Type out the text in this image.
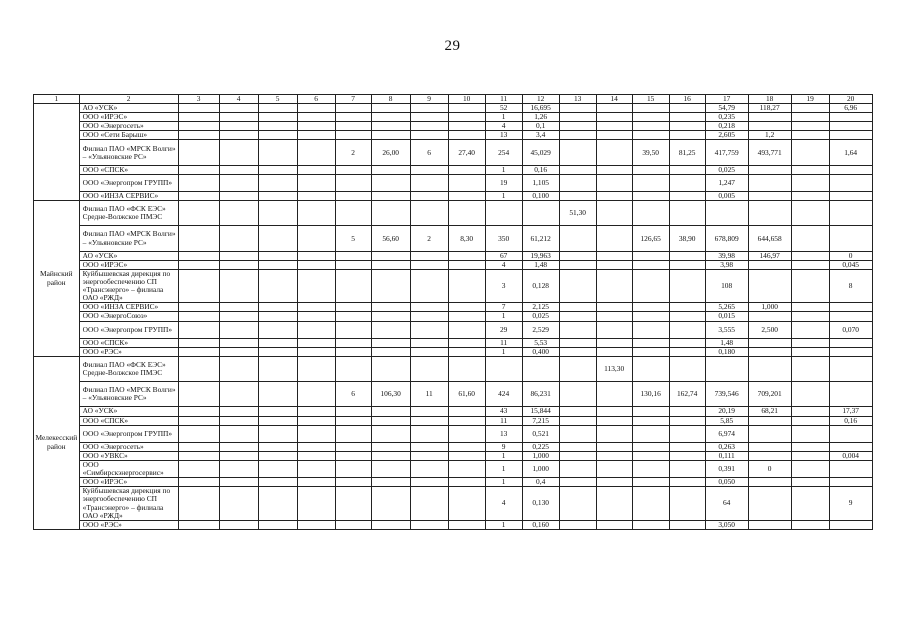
29
1	2	3	4	5	6	7	8	9	10	11	12	13	14	15	16	17	18	19	20
	АО «УСК»									52	16,695					54,79	118,27		6,96
	ООО «ИРЭС»									1	1,26					0,235			
	ООО «Энергосеть»									4	0,1					0,218			
	ООО «Сети Барыш»									13	3,4					2,605	1,2		
	Филиал ПАО «МРСК Волги» – «Ульяновские РС»					2	26,00	6	27,40	254	45,029			39,50	81,25	417,759	493,771		1,64
	ООО «СПСК»									1	0,16					0,025			
	ООО «Энергопром ГРУПП»									19	1,105					1,247			
	ООО «ИНЗА СЕРВИС»									1	0,100					0,005			
Майнский район	Филиал ПАО «ФСК ЕЭС» Средне-Волжское ПМЭС											51,30							
	Филиал ПАО «МРСК Волги» – «Ульяновские РС»					5	56,60	2	8,30	350	61,212			126,65	38,90	678,809	644,658		
	АО «УСК»									67	19,963					39,98	146,97		0
	ООО «ИРЭС»									4	1,48					3,98			0,045
	Куйбышевская дирекция по энергообеспечению СП «Трансэнерго» – филиала ОАО «РЖД»									3	0,128					108			8
	ООО «ИНЗА СЕРВИС»									7	2,125					5,265	1,000		
	ООО «ЭнергоСоюз»									1	0,025					0,015			
	ООО «Энергопром ГРУПП»									29	2,529					3,555	2,500		0,070
	ООО «СПСК»									11	5,53					1,48			
	ООО «РЭС»									1	0,400					0,180			
Мелекесский район	Филиал ПАО «ФСК ЕЭС» Средне-Волжское ПМЭС												113,30						
	Филиал ПАО «МРСК Волги» – «Ульяновские РС»					6	106,30	11	61,60	424	86,231			130,16	162,74	739,546	709,201		
	АО «УСК»									43	15,844					20,19	68,21		17,37
	ООО «СПСК»									11	7,215					5,85			0,16
	ООО «Энергопром ГРУПП»									13	0,521					6,974			
	ООО «Энергосеть»									9	0,225					0,263			
	ООО «УВКС»									1	1,000					0,111			0,004
	ООО «Симбирскэнергосервис»									1	1,000					0,391	0		
	ООО «ИРЭС»									1	0,4					0,050			
	Куйбышевская дирекция по энергообеспечению СП «Трансэнерго» – филиала ОАО «РЖД»									4	0,130					64			9
	ООО «РЭС»									1	0,160					3,050			
